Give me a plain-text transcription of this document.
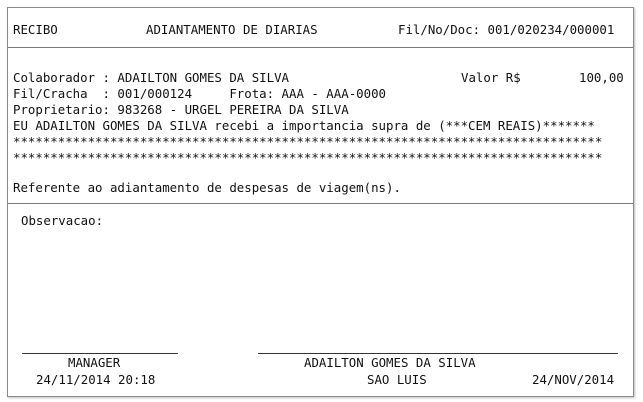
RECIBO	ADIANTAMENTO DE DIARIAS	Fil/No/Doc: 001/020234/000001
Colaborador : ADAILTON GOMES DA SILVA	Valor R$	100,00
Fil/Cracha  : 001/000124     Frota: AAA - AAA-0000
Proprietario: 983268 - URGEL PEREIRA DA SILVA
EU ADAILTON GOMES DA SILVA recebi a importancia supra de (***CEM REAIS)*******
*******************************************************************************
*******************************************************************************
Referente ao adiantamento de despesas de viagem(ns).
Observacao:
MANAGER
24/11/2014 20:18
ADAILTON GOMES DA SILVA
SAO LUIS	24/NOV/2014
